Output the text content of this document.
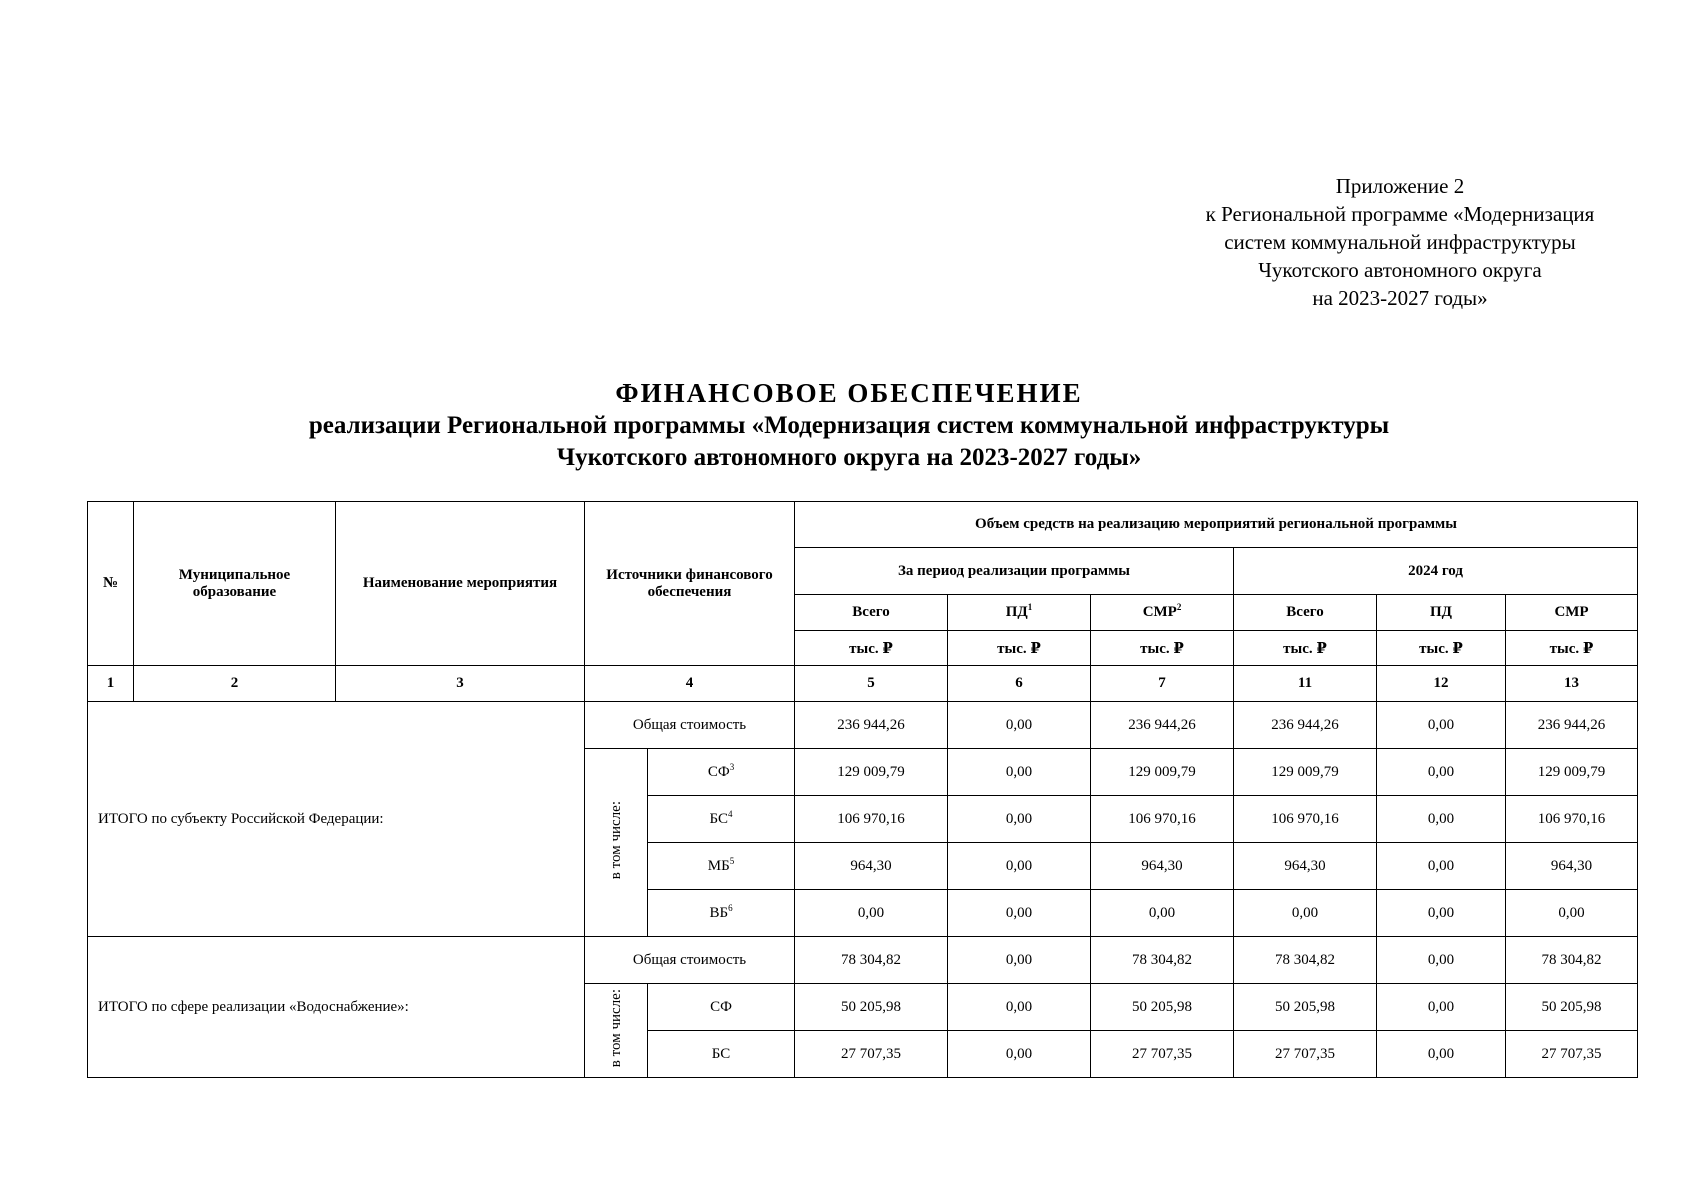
Приложение 2
к Региональной программе «Модернизация
систем коммунальной инфраструктуры
Чукотского автономного округа
на 2023-2027 годы»
ФИНАНСОВОЕ ОБЕСПЕЧЕНИЕ
реализации Региональной программы «Модернизация систем коммунальной инфраструктуры
Чукотского автономного округа на 2023-2027 годы»
№	Муниципальное образование	Наименование мероприятия	Источники финансового обеспечения		Объем средств на реализацию мероприятий региональной программы					
					За период реализации программы			2024 год		
					Всего	$ПД^1$	СМР$^2$	Всего	ПД	СМР
					тыс. ₽	тыс. ₽	тыс. ₽	тыс. ₽	тыс. ₽	тыс. ₽
1	2	3	4		5	6	7	11	12	13
ИТОГО по субъекту Российской Федерации:			Общая стоимость		236 944,26	0,00	236 944,26	236 944,26	0,00	236 944,26
			в том числе:	$СФ^3$	129 009,79	0,00	129 009,79	129 009,79	0,00	129 009,79
				$БС^4$	106 970,16	0,00	106 970,16	106 970,16	0,00	106 970,16
				$МБ^5$	964,30	0,00	964,30	964,30	0,00	964,30
				$ВБ^6$	0,00	0,00	0,00	0,00	0,00	0,00
ИТОГО по сфере реализации «Водоснабжение»:			Общая стоимость		78 304,82	0,00	78 304,82	78 304,82	0,00	78 304,82
			в том числе:	СФ	50 205,98	0,00	50 205,98	50 205,98	0,00	50 205,98
				БС	27 707,35	0,00	27 707,35	27 707,35	0,00	27 707,35
